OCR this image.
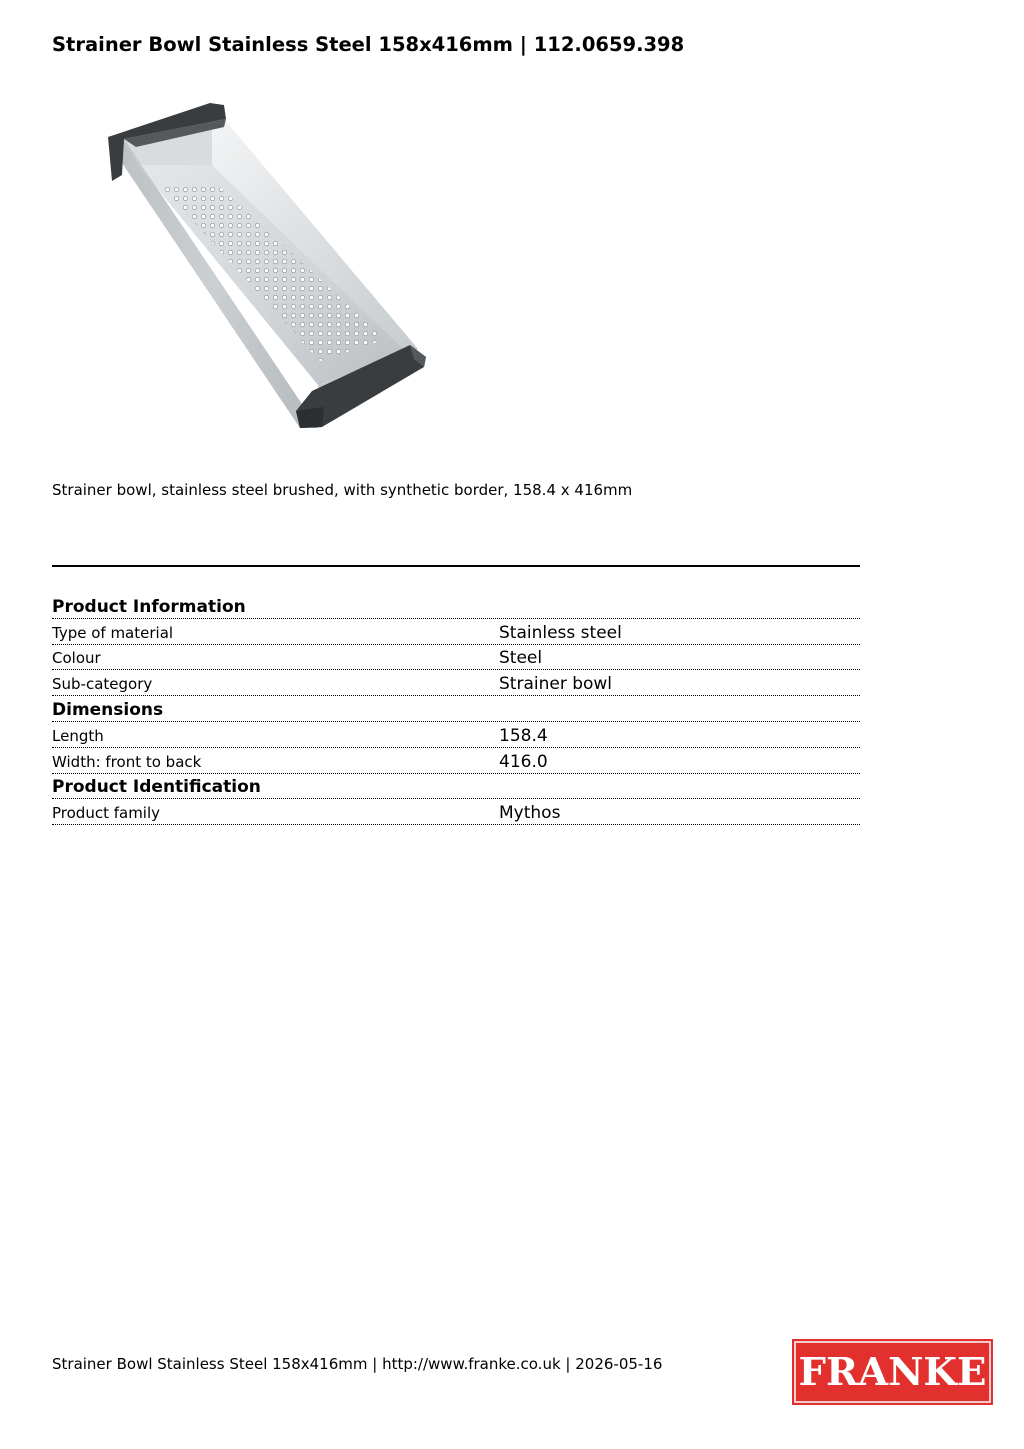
Strainer Bowl Stainless Steel 158x416mm | 112.0659.398
Strainer bowl, stainless steel brushed, with synthetic border, 158.4 x 416mm
Product Information
Type of material	Stainless steel
Colour	Steel
Sub-category	Strainer bowl
Dimensions
Length	158.4
Width: front to back	416.0
Product Identification
Product family	Mythos
Strainer Bowl Stainless Steel 158x416mm | http://www.franke.co.uk | 2026-05-16	FRANKE
